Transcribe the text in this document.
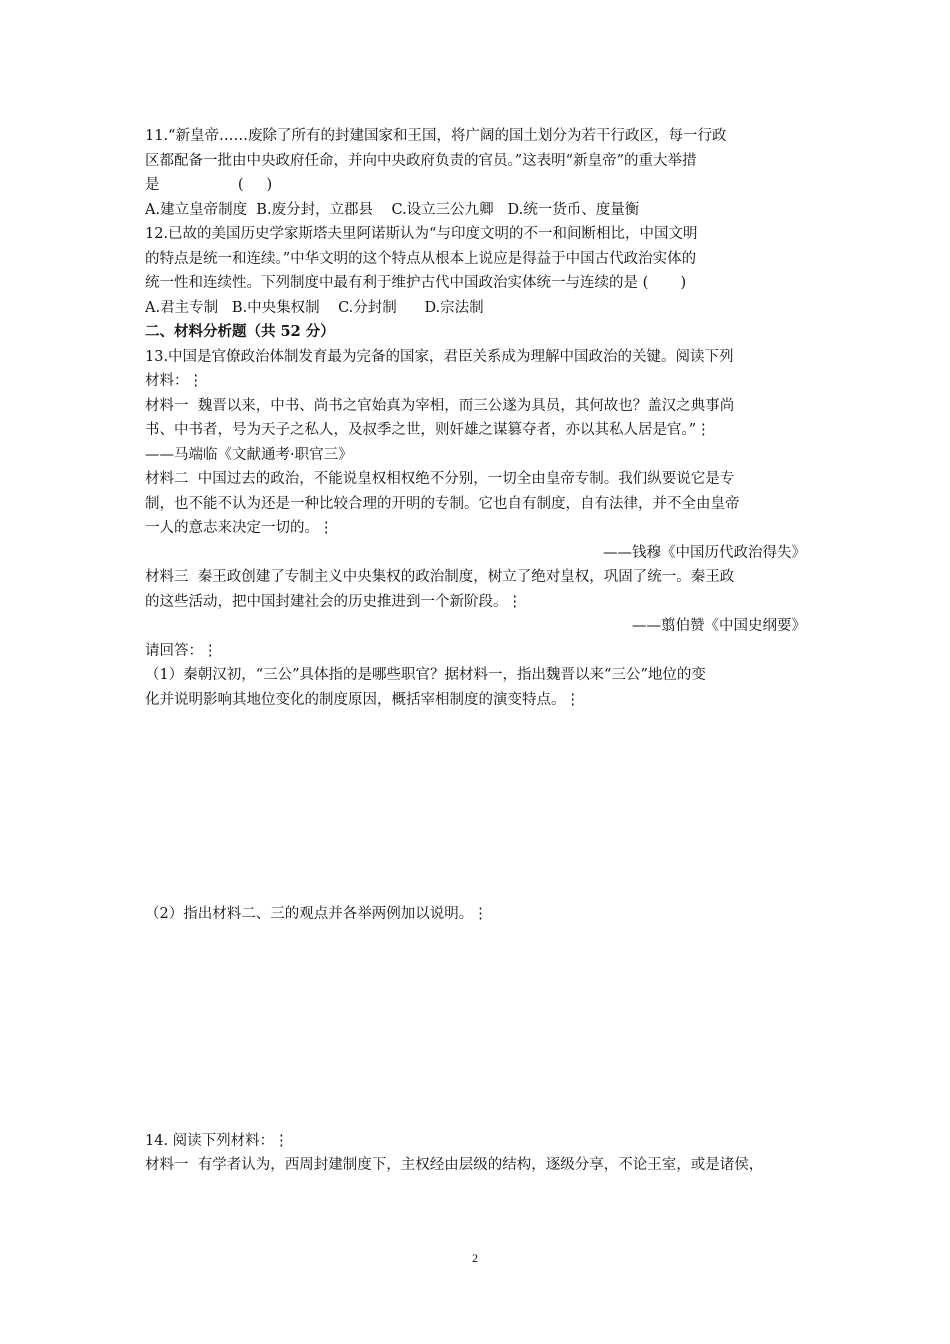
11.“新皇帝……废除了所有的封建国家和王国，将广阔的国土划分为若干行政区，每一行政
区都配备一批由中央政府任命，并向中央政府负责的官员。”这表明“新皇帝”的重大举措
是                 (     )
A.建立皇帝制度  B.废分封，立郡县    C.设立三公九卿   D.统一货币、度量衡
12.已故的美国历史学家斯塔夫里阿诺斯认为“与印度文明的不一和间断相比，中国文明
的特点是统一和连续。”中华文明的这个特点从根本上说应是得益于中国古代政治实体的
统一性和连续性。下列制度中最有利于维护古代中国政治实体统一与连续的是 (       )
A.君主专制   B.中央集权制    C.分封制      D.宗法制
二、材料分析题（共 52 分）
13.中国是官僚政治体制发育最为完备的国家，君臣关系成为理解中国政治的关键。阅读下列
材料：⋮
材料一  魏晋以来，中书、尚书之官始真为宰相，而三公遂为具员，其何故也？盖汉之典事尚
书、中书者，号为天子之私人，及叔季之世，则奸雄之谋篡夺者，亦以其私人居是官。”⋮
——马端临《文献通考·职官三》
材料二  中国过去的政治，不能说皇权相权绝不分别，一切全由皇帝专制。我们纵要说它是专
制，也不能不认为还是一种比较合理的开明的专制。它也自有制度，自有法律，并不全由皇帝
一人的意志来决定一切的。⋮
——钱穆《中国历代政治得失》
材料三  秦王政创建了专制主义中央集权的政治制度，树立了绝对皇权，巩固了统一。秦王政
的这些活动，把中国封建社会的历史推进到一个新阶段。⋮
——翦伯赞《中国史纲要》
请回答：⋮
（1）秦朝汉初，“三公”具体指的是哪些职官？据材料一，指出魏晋以来“三公”地位的变
化并说明影响其地位变化的制度原因，概括宰相制度的演变特点。⋮
（2）指出材料二、三的观点并各举两例加以说明。⋮
14. 阅读下列材料：⋮
材料一  有学者认为，西周封建制度下，主权经由层级的结构，逐级分享，不论王室，或是诸侯，
2
